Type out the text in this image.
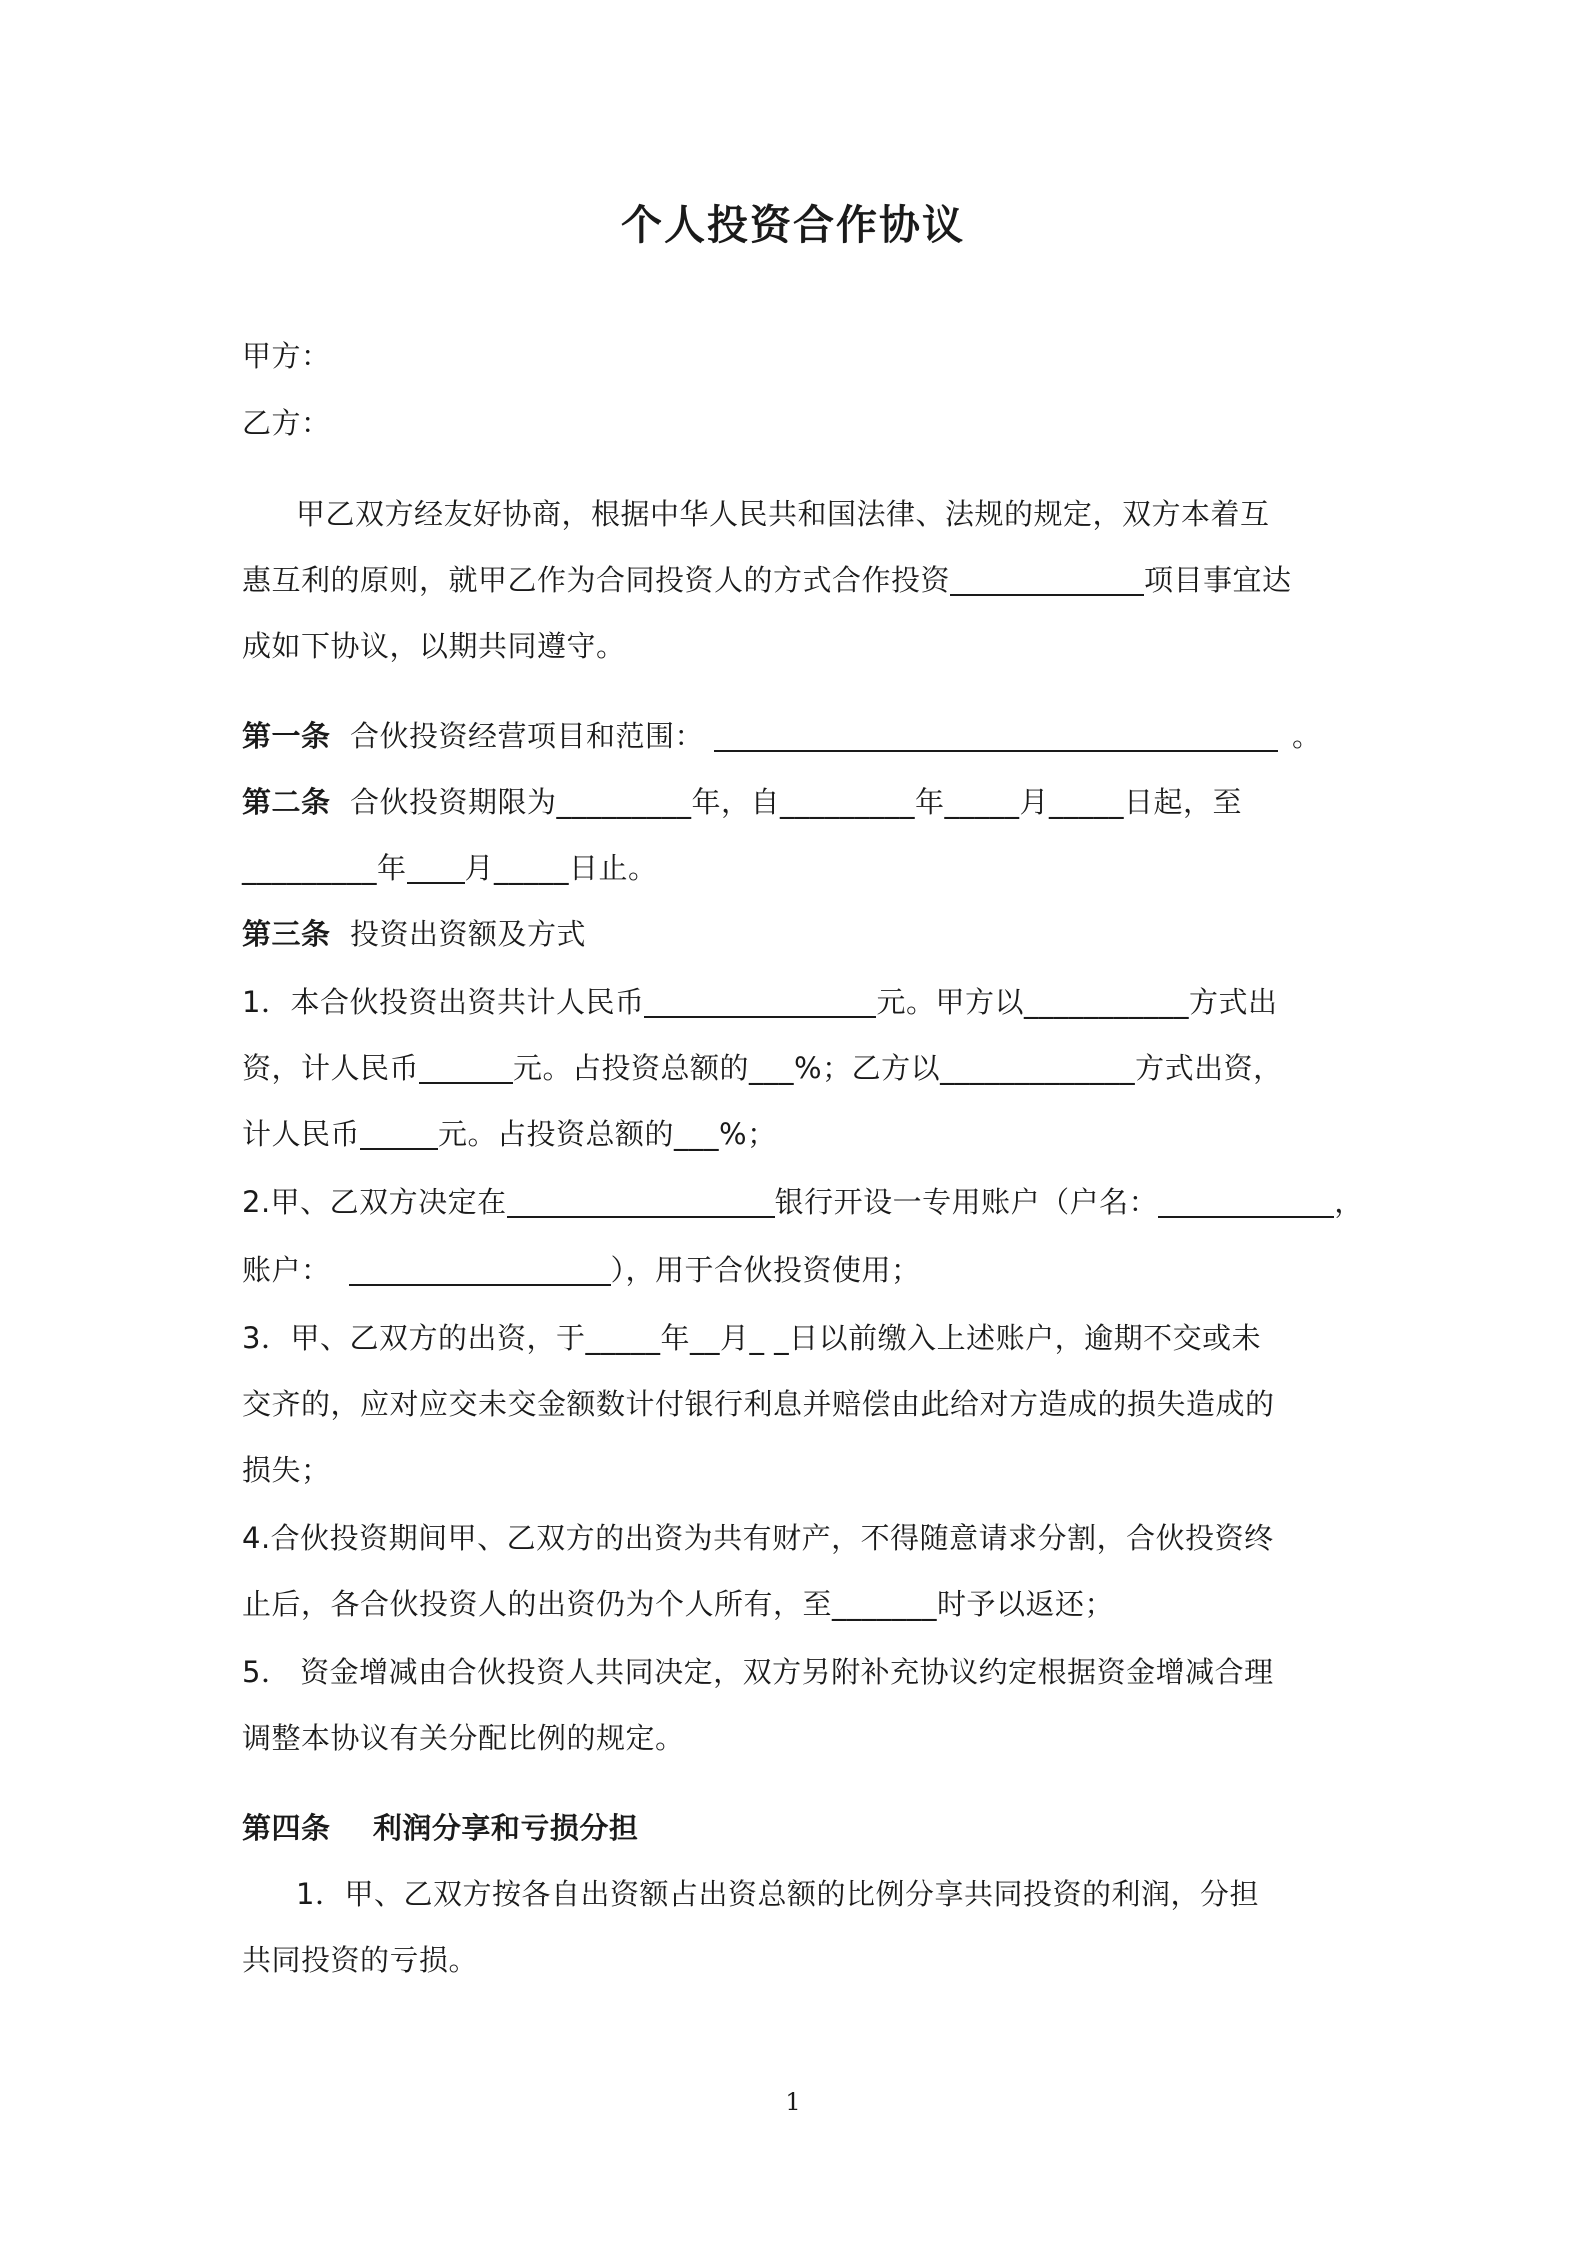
个人投资合作协议
甲方：
乙方：
甲乙双方经友好协商，根据中华人民共和国法律、法规的规定，双方本着互
惠互利的原则，就甲乙作为合同投资人的方式合作投资	项目事宜达
成如下协议，以期共同遵守。
第一条 合伙投资经营项目和范围：	。
第二条 合伙投资期限为_________年，自_________年_____月_____日起，至
_________年 月_____日止。
第三条 投资出资额及方式
1．本合伙投资出资共计人民币	元。甲方以___________方式出
资，计人民币	元。占投资总额的___%；乙方以_____________方式出资，
计人民币	元。占投资总额的___%；
2.甲、乙双方决定在	银行开设一专用账户（户名：	，
账户：	），用于合伙投资使用；
3．甲、乙双方的出资，于_____年__月_ _日以前缴入上述账户，逾期不交或未
交齐的，应对应交未交金额数计付银行利息并赔偿由此给对方造成的损失造成的
损失；
4.合伙投资期间甲、乙双方的出资为共有财产，不得随意请求分割，合伙投资终
止后，各合伙投资人的出资仍为个人所有，至_______时予以返还；
5． 资金增减由合伙投资人共同决定，双方另附补充协议约定根据资金增减合理
调整本协议有关分配比例的规定。
第四条 利润分享和亏损分担
1．甲、乙双方按各自出资额占出资总额的比例分享共同投资的利润，分担
共同投资的亏损。
1
